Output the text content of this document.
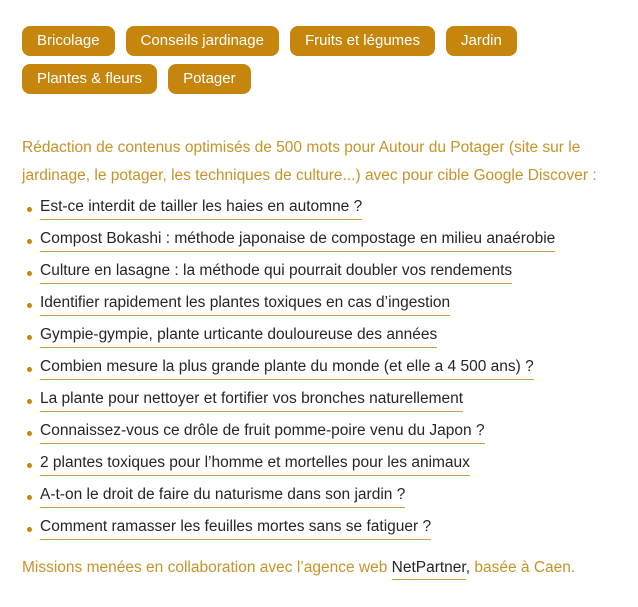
Bricolage	Conseils jardinage	Fruits et légumes	Jardin
Plantes & fleurs	Potager

Rédaction de contenus optimisés de 500 mots pour Autour du Potager (site sur le jardinage, le potager, les techniques de culture...) avec pour cible Google Discover :

Est-ce interdit de tailler les haies en automne ?
Compost Bokashi : méthode japonaise de compostage en milieu anaérobie
Culture en lasagne : la méthode qui pourrait doubler vos rendements
Identifier rapidement les plantes toxiques en cas d’ingestion
Gympie-gympie, plante urticante douloureuse des années
Combien mesure la plus grande plante du monde (et elle a 4 500 ans) ?
La plante pour nettoyer et fortifier vos bronches naturellement
Connaissez-vous ce drôle de fruit pomme-poire venu du Japon ?
2 plantes toxiques pour l’homme et mortelles pour les animaux
A-t-on le droit de faire du naturisme dans son jardin ?
Comment ramasser les feuilles mortes sans se fatiguer ?

Missions menées en collaboration avec l’agence web NetPartner, basée à Caen.
